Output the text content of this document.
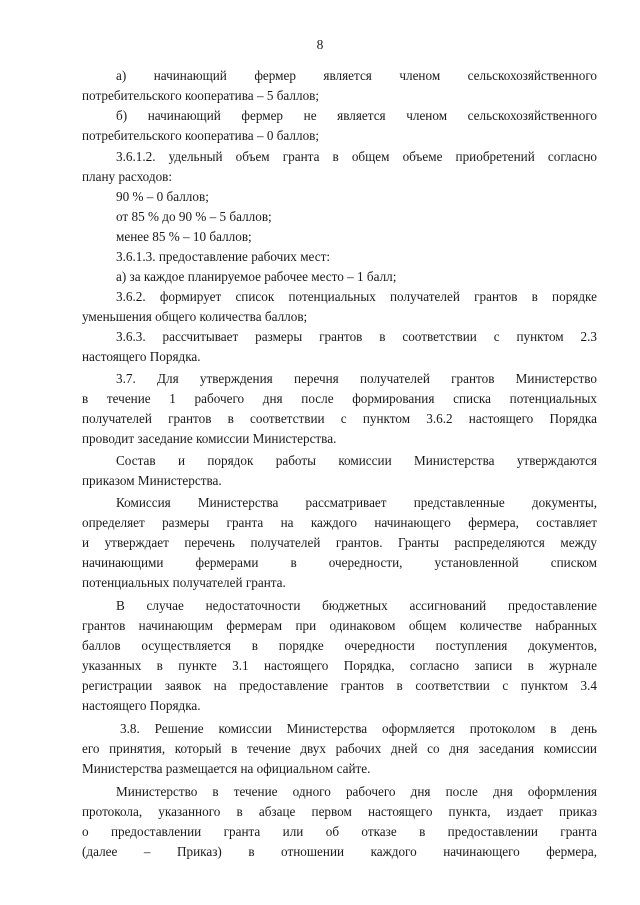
8
а) начинающий фермер является членом сельскохозяйственного
потребительского кооператива – 5 баллов;
б) начинающий фермер не является членом сельскохозяйственного
потребительского кооператива – 0 баллов;
3.6.1.2. удельный объем гранта в общем объеме приобретений согласно
плану расходов:
90 % – 0 баллов;
от 85 % до 90 % – 5 баллов;
менее 85 % – 10 баллов;
3.6.1.3. предоставление рабочих мест:
а) за каждое планируемое рабочее место – 1 балл;
3.6.2. формирует список потенциальных получателей грантов в порядке
уменьшения общего количества баллов;
3.6.3. рассчитывает размеры грантов в соответствии с пунктом 2.3
настоящего Порядка.
3.7. Для утверждения перечня получателей грантов Министерство
в течение 1 рабочего дня после формирования списка потенциальных
получателей грантов в соответствии с пунктом 3.6.2 настоящего Порядка
проводит заседание комиссии Министерства.
Состав и порядок работы комиссии Министерства утверждаются
приказом Министерства.
Комиссия Министерства рассматривает представленные документы,
определяет размеры гранта на каждого начинающего фермера, составляет
и утверждает перечень получателей грантов. Гранты распределяются между
начинающими фермерами в очередности, установленной списком
потенциальных получателей гранта.
В случае недостаточности бюджетных ассигнований предоставление
грантов начинающим фермерам при одинаковом общем количестве набранных
баллов осуществляется в порядке очередности поступления документов,
указанных в пункте 3.1 настоящего Порядка, согласно записи в журнале
регистрации заявок на предоставление грантов в соответствии с пунктом 3.4
настоящего Порядка.
3.8. Решение комиссии Министерства оформляется протоколом в день
его принятия, который в течение двух рабочих дней со дня заседания комиссии
Министерства размещается на официальном сайте.
Министерство в течение одного рабочего дня после дня оформления
протокола, указанного в абзаце первом настоящего пункта, издает приказ
о предоставлении гранта или об отказе в предоставлении гранта
(далее – Приказ) в отношении каждого начинающего фермера,
